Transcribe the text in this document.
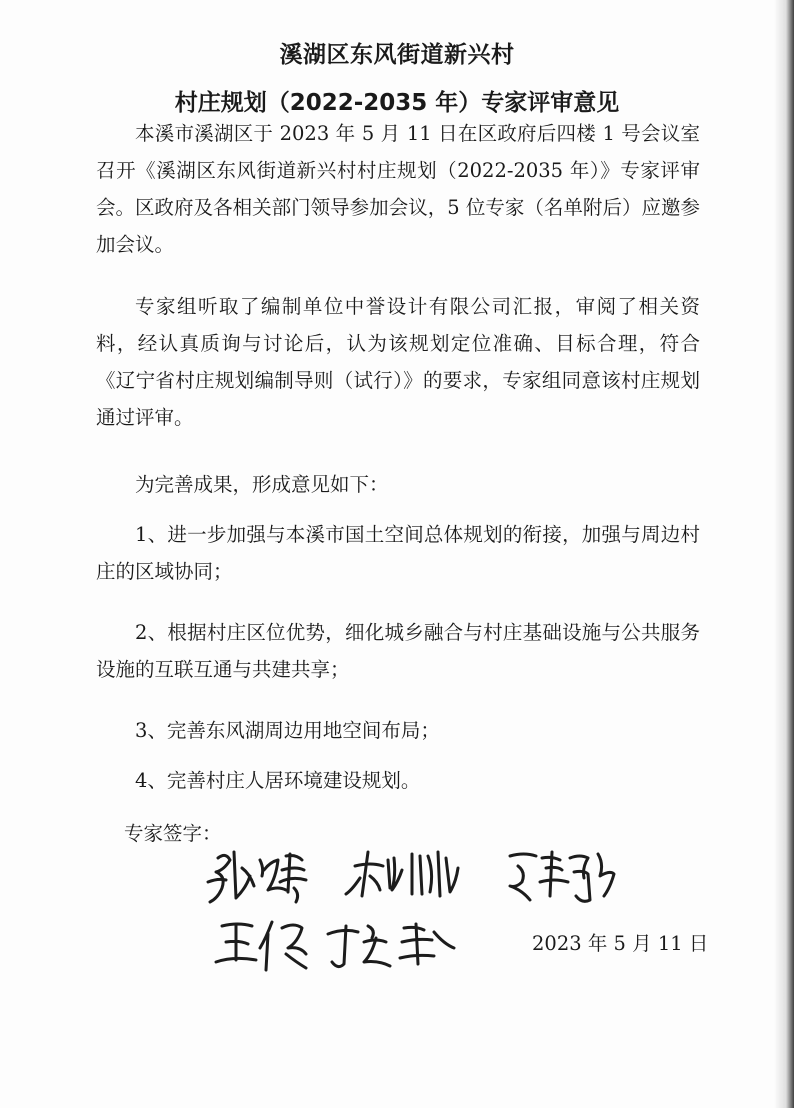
溪湖区东风街道新兴村
村庄规划（2022-2035 年）专家评审意见
本溪市溪湖区于 2023 年 5 月 11 日在区政府后四楼 1 号会议室召开《溪湖区东风街道新兴村村庄规划（2022-2035 年）》专家评审会。区政府及各相关部门领导参加会议，5 位专家（名单附后）应邀参加会议。
专家组听取了编制单位中誉设计有限公司汇报，审阅了相关资料，经认真质询与讨论后，认为该规划定位准确、目标合理，符合《辽宁省村庄规划编制导则（试行）》的要求，专家组同意该村庄规划通过评审。
为完善成果，形成意见如下：
1、进一步加强与本溪市国土空间总体规划的衔接，加强与周边村庄的区域协同；
2、根据村庄区位优势，细化城乡融合与村庄基础设施与公共服务设施的互联互通与共建共享；
3、完善东风湖周边用地空间布局；
4、完善村庄人居环境建设规划。
专家签字：
2023 年 5 月 11 日
